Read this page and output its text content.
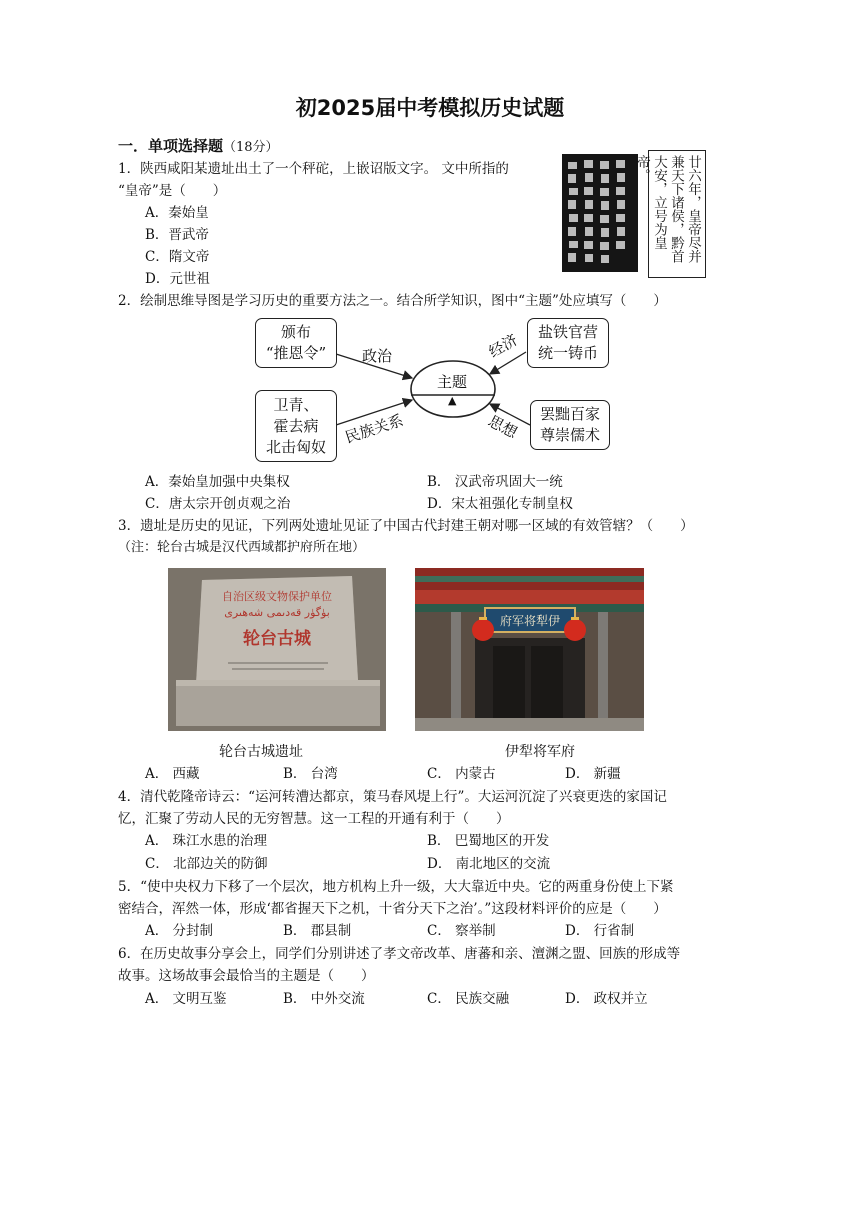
初2025届中考模拟历史试题
一．单项选择题（18分）
1．陕西咸阳某遗址出土了一个秤砣，上嵌诏版文字。 文中所指的
“皇帝”是（　　）
A．秦始皇
B．晋武帝
C．隋文帝
D．元世祖
廿六年，皇帝尽并
兼天下诸侯，黔首
大安，立号为皇帝。
2．绘制思维导图是学习历史的重要方法之一。结合所学知识，图中“主题”处应填写（　　）
主题
▲
颁布
“推恩令”
卫青、
霍去病
北击匈奴
盐铁官营
统一铸币
罢黜百家
尊崇儒术
政治
民族关系
经济
思想
A．秦始皇加强中央集权	B． 汉武帝巩固大一统
C．唐太宗开创贞观之治	D．宋太祖强化专制皇权
3．遗址是历史的见证，下列两处遗址见证了中国古代封建王朝对哪一区域的有效管辖？（　　）
（注：轮台古城是汉代西域都护府所在地）
自治区级文物保护单位
بۈگۈر قەدىمى شەھىرى
轮台古城
轮台古城遗址
府军将犁伊
伊犁将军府
A． 西藏	B． 台湾	C． 内蒙古	D． 新疆
4．清代乾隆帝诗云：“运河转漕达都京，策马春风堤上行”。大运河沉淀了兴衰更迭的家国记
忆，汇聚了劳动人民的无穷智慧。这一工程的开通有利于（　　）
A． 珠江水患的治理	B． 巴蜀地区的开发
C． 北部边关的防御	D． 南北地区的交流
5．“使中央权力下移了一个层次，地方机构上升一级，大大靠近中央。它的两重身份使上下紧
密结合，浑然一体，形成‘都省握天下之机，十省分天下之治’。”这段材料评价的应是（　　）
A． 分封制	B． 郡县制	C． 察举制	D． 行省制
6．在历史故事分享会上，同学们分别讲述了孝文帝改革、唐蕃和亲、澶渊之盟、回族的形成等
故事。这场故事会最恰当的主题是（　　）
A． 文明互鉴	B． 中外交流	C． 民族交融	D． 政权并立
